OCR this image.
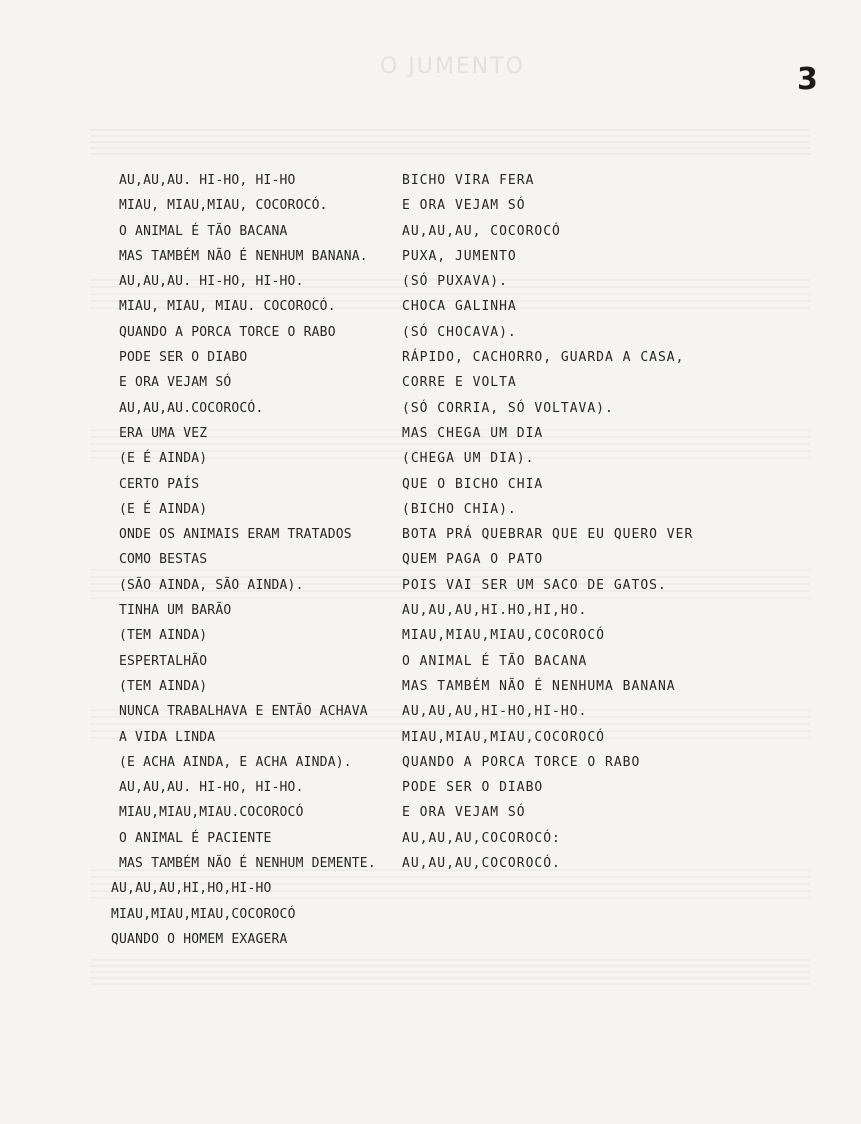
O JUMENTO	3
AU,AU,AU. HI-HO, HI-HO
MIAU, MIAU,MIAU, COCOROCÓ.
O ANIMAL É TÃO BACANA
MAS TAMBÉM NÃO É NENHUM BANANA.
AU,AU,AU. HI-HO, HI-HO.
MIAU, MIAU, MIAU. COCOROCÓ.
QUANDO A PORCA TORCE O RABO
PODE SER O DIABO
E ORA VEJAM SÓ
AU,AU,AU.COCOROCÓ.
ERA UMA VEZ
(E É AINDA)
CERTO PAÍS
(E É AINDA)
ONDE OS ANIMAIS ERAM TRATADOS
COMO BESTAS
(SÃO AINDA, SÃO AINDA).
TINHA UM BARÃO
(TEM AINDA)
ESPERTALHÃO
(TEM AINDA)
NUNCA TRABALHAVA E ENTÃO ACHAVA
A VIDA LINDA
(E ACHA AINDA, E ACHA AINDA).
AU,AU,AU. HI-HO, HI-HO.
MIAU,MIAU,MIAU.COCOROCÓ
O ANIMAL É PACIENTE
MAS TAMBÉM NÃO É NENHUM DEMENTE.
AU,AU,AU,HI,HO,HI-HO
MIAU,MIAU,MIAU,COCOROCÓ
QUANDO O HOMEM EXAGERA
BICHO VIRA FERA
E ORA VEJAM SÓ
AU,AU,AU, COCOROCÓ
PUXA, JUMENTO
(SÓ PUXAVA).
CHOCA GALINHA
(SÓ CHOCAVA).
RÁPIDO, CACHORRO, GUARDA A CASA,
CORRE E VOLTA
(SÓ CORRIA, SÓ VOLTAVA).
MAS CHEGA UM DIA
(CHEGA UM DIA).
QUE O BICHO CHIA
(BICHO CHIA).
BOTA PRÁ QUEBRAR QUE EU QUERO VER
QUEM PAGA O PATO
POIS VAI SER UM SACO DE GATOS.
AU,AU,AU,HI.HO,HI,HO.
MIAU,MIAU,MIAU,COCOROCÓ
O ANIMAL É TÃO BACANA
MAS TAMBÉM NÃO É NENHUMA BANANA
AU,AU,AU,HI-HO,HI-HO.
MIAU,MIAU,MIAU,COCOROCÓ
QUANDO A PORCA TORCE O RABO
PODE SER O DIABO
E ORA VEJAM SÓ
AU,AU,AU,COCOROCÓ:
AU,AU,AU,COCOROCÓ.
